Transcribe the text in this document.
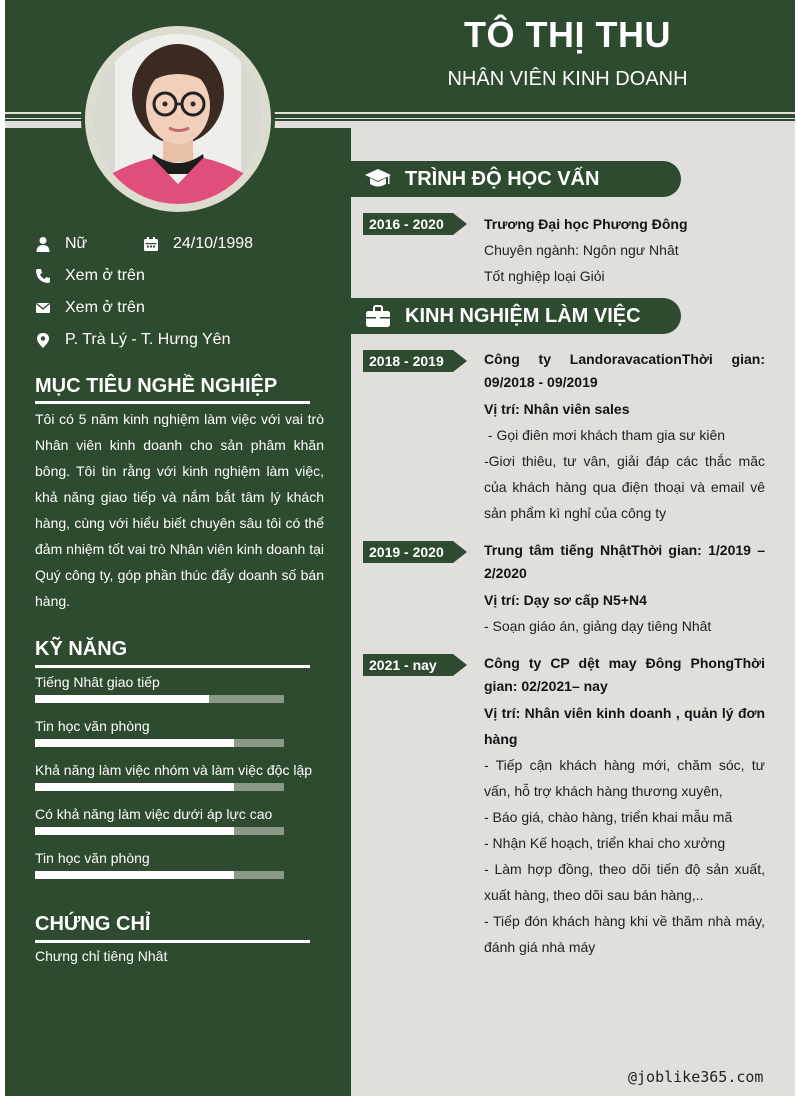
TÔ THỊ THU
NHÂN VIÊN KINH DOANH
Nữ	24/10/1998
Xem ở trên
Xem ở trên
P. Trà Lý - T. Hưng Yên
MỤC TIÊU NGHỀ NGHIỆP
Tôi có 5 năm kinh nghiệm làm việc với vai trò Nhân viên kinh doanh cho sản phâm khăn bông. Tôi tin rằng với kinh nghiệm làm việc, khả năng giao tiếp và nắm bắt tâm lý khách hàng, cùng với hiểu biết chuyên sâu tôi có thể đảm nhiệm tốt vai trò Nhân viên kinh doanh tại Quý công ty, góp phần thúc đẩy doanh số bán hàng.
KỸ NĂNG
Tiếng Nhât giao tiếp
Tin học văn phòng
Khả năng làm việc nhóm và làm việc độc lập
Có khả năng làm việc dưới áp lực cao
Tin học văn phòng
CHỨNG CHỈ
Chưng chỉ tiêng Nhât
TRÌNH ĐỘ HỌC VẤN
2016 - 2020	Trương Đại học Phương Đông
Chuyên ngành: Ngôn ngư Nhât
Tốt nghiệp loại Giỏi
KINH NGHIỆM LÀM VIỆC
2018 - 2019	Công ty LandoravacationThời gian: 09/2018 - 09/2019
Vị trí: Nhân viên sales
- Gọi điên mơi khách tham gia sư kiên
-Giơi thiêu, tư vân, giải đáp các thắc măc của khách hàng qua điện thoại và email vê sản phẩm kì nghỉ của công ty
2019 - 2020	Trung tâm tiếng NhậtThời gian: 1/2019 – 2/2020
Vị trí: Dạy sơ cấp N5+N4
- Soạn giáo án, giảng dạy tiêng Nhât
2021 - nay	Công ty CP dệt may Đông PhongThời gian: 02/2021– nay
Vị trí: Nhân viên kinh doanh , quản lý đơn hàng
- Tiếp cận khách hàng mới, chăm sóc, tư vấn, hỗ trợ khách hàng thương xuyên,
- Báo giá, chào hàng, triển khai mẫu mã
- Nhận Kế hoạch, triển khai cho xưởng
- Làm hợp đồng, theo dõi tiến độ sản xuất, xuất hàng, theo dõi sau bán hàng,..
- Tiếp đón khách hàng khi về thăm nhà máy, đánh giá nhà máy
@joblike365.com
